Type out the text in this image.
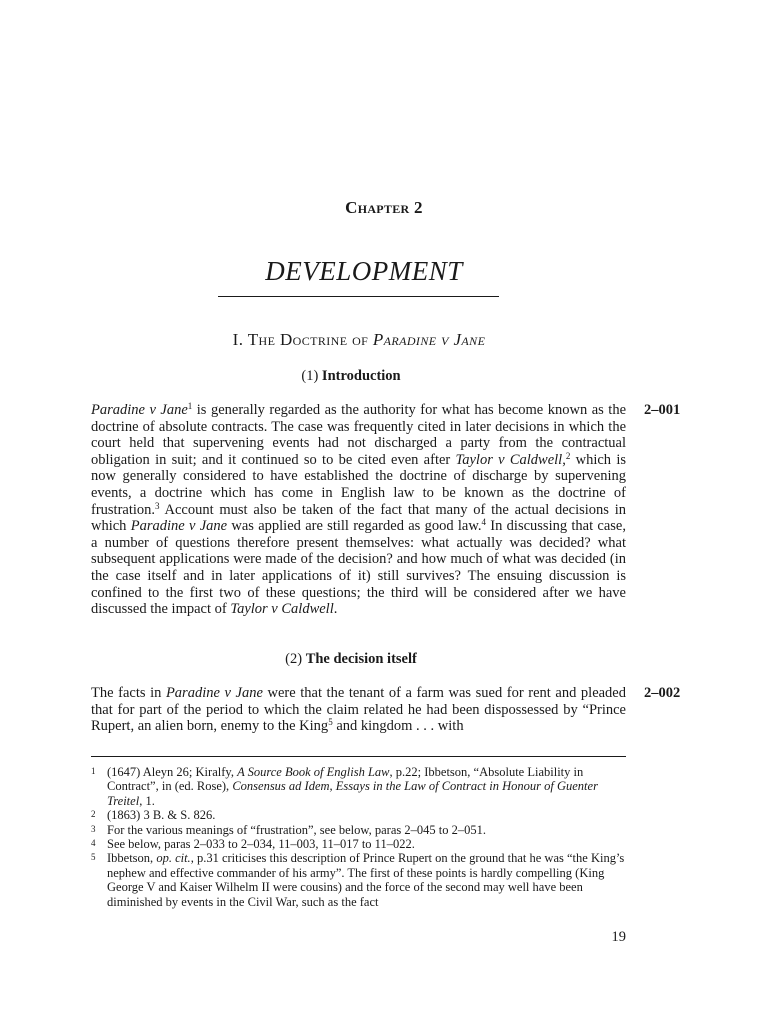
Chapter 2
DEVELOPMENT
I. The Doctrine of Paradine v Jane
(1) Introduction
Paradine v Jane$^1$ is generally regarded as the authority for what has become known as the doctrine of absolute contracts. The case was frequently cited in later decisions in which the court held that supervening events had not discharged a party from the contractual obligation in suit; and it continued so to be cited even after Taylor v Caldwell,$^2$ which is now generally considered to have established the doctrine of discharge by supervening events, a doctrine which has come in English law to be known as the doctrine of frustration.$^3$ Account must also be taken of the fact that many of the actual decisions in which Paradine v Jane was applied are still regarded as good law.$^4$ In discussing that case, a number of questions therefore present themselves: what actually was decided? what subsequent applications were made of the decision? and how much of what was decided (in the case itself and in later applications of it) still survives? The ensuing discussion is confined to the first two of these questions; the third will be considered after we have discussed the impact of Taylor v Caldwell.
2–001
(2) The decision itself
The facts in Paradine v Jane were that the tenant of a farm was sued for rent and pleaded that for part of the period to which the claim related he had been dispossessed by “Prince Rupert, an alien born, enemy to the King$^5$ and kingdom . . . with
2–002
1 (1647) Aleyn 26; Kiralfy, A Source Book of English Law, p.22; Ibbetson, “Absolute Liability in Contract”, in (ed. Rose), Consensus ad Idem, Essays in the Law of Contract in Honour of Guenter Treitel, 1.
2 (1863) 3 B. & S. 826.
3 For the various meanings of “frustration”, see below, paras 2–045 to 2–051.
4 See below, paras 2–033 to 2–034, 11–003, 11–017 to 11–022.
5 Ibbetson, op. cit., p.31 criticises this description of Prince Rupert on the ground that he was “the King’s nephew and effective commander of his army”. The first of these points is hardly compelling (King George V and Kaiser Wilhelm II were cousins) and the force of the second may well have been diminished by events in the Civil War, such as the fact
19
